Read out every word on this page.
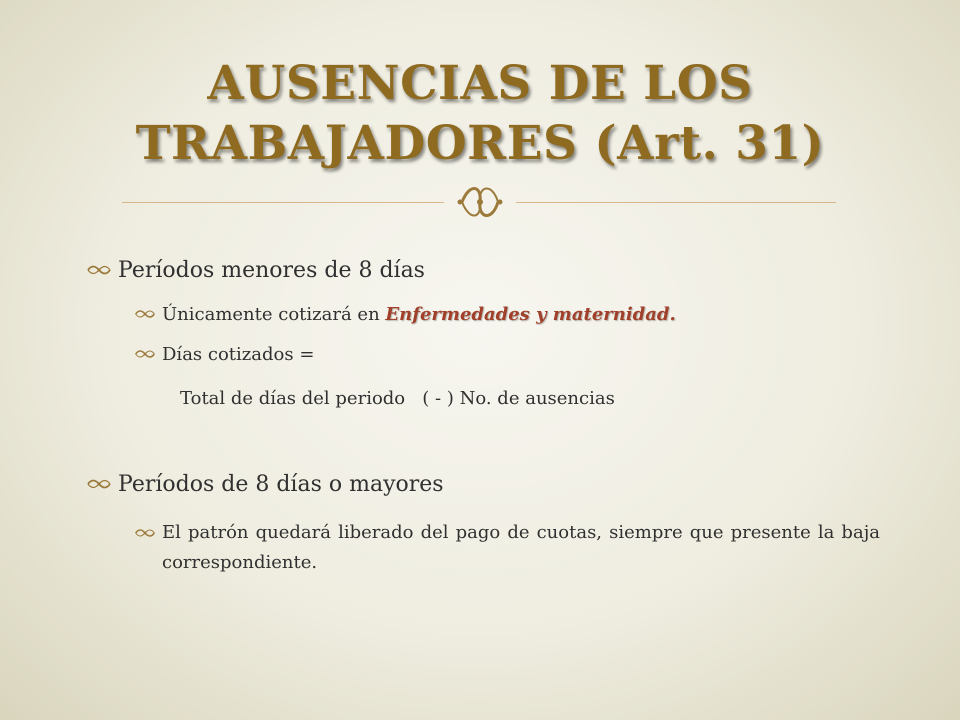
AUSENCIAS DE LOS TRABAJADORES (Art. 31)
Períodos menores de 8 días
Únicamente cotizará en Enfermedades y maternidad.
Días cotizados =
Total de días del periodo   ( - ) No. de ausencias
Períodos de 8 días o mayores
El patrón quedará liberado del pago de cuotas, siempre que presente la baja correspondiente.
